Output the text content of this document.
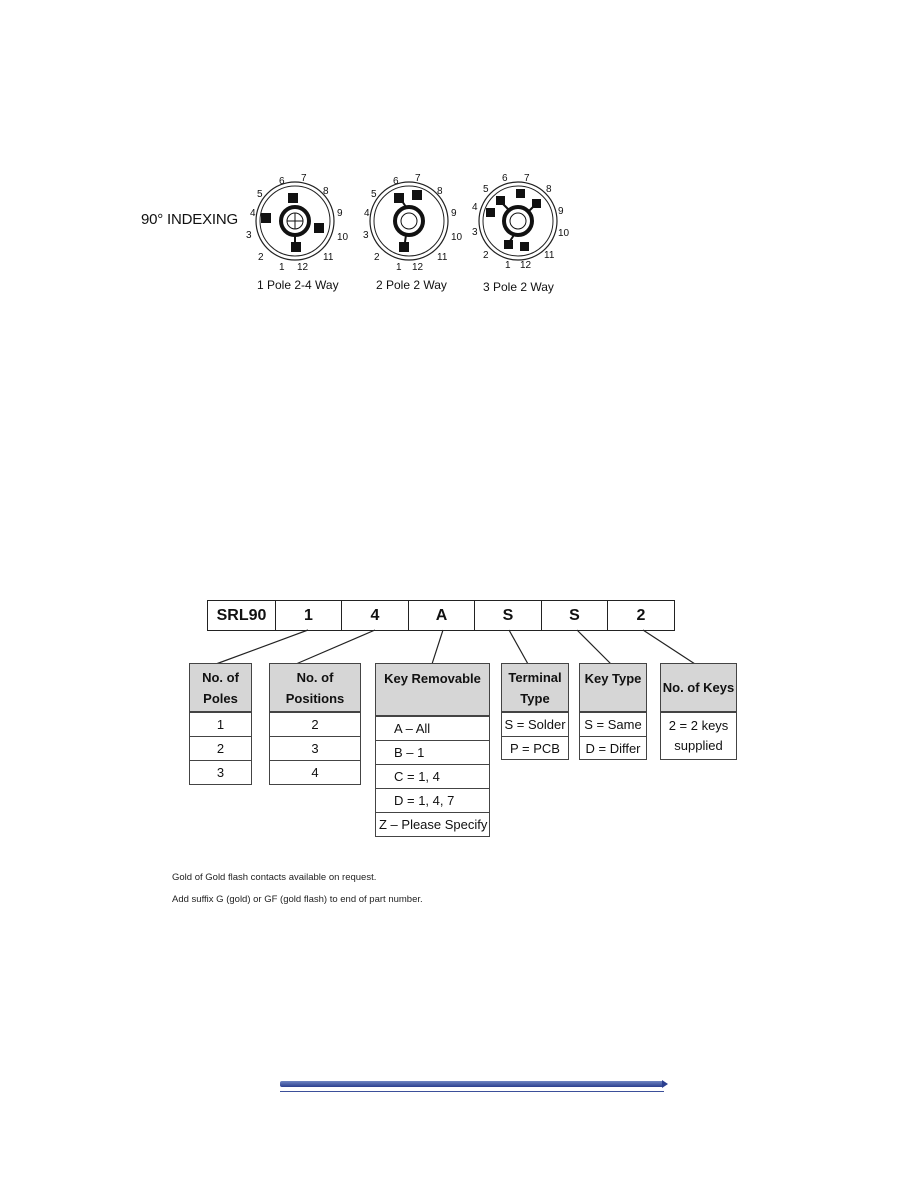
90° INDEXING
5
6 7
8
4	9
3	10
2	11
1 12
1 Pole 2-4 Way
5
6 7
8
4	9
3	10
2	11
1 12
2 Pole 2 Way
5
6 7
8
4	9
3	10
2	11
1 12
3 Pole 2 Way
SRL90	1	4	A	S	S	2
No. of Poles
1
2
3
No. of Positions
2
3
4
Key Removable
A – All
B – 1
C = 1, 4
D = 1, 4, 7
Z – Please Specify
Terminal Type
S = Solder
P = PCB
Key Type
S = Same
D = Differ
No. of Keys
2 = 2 keys supplied
Gold of Gold flash contacts available on request.
Add suffix G (gold) or GF (gold flash) to end of part number.
